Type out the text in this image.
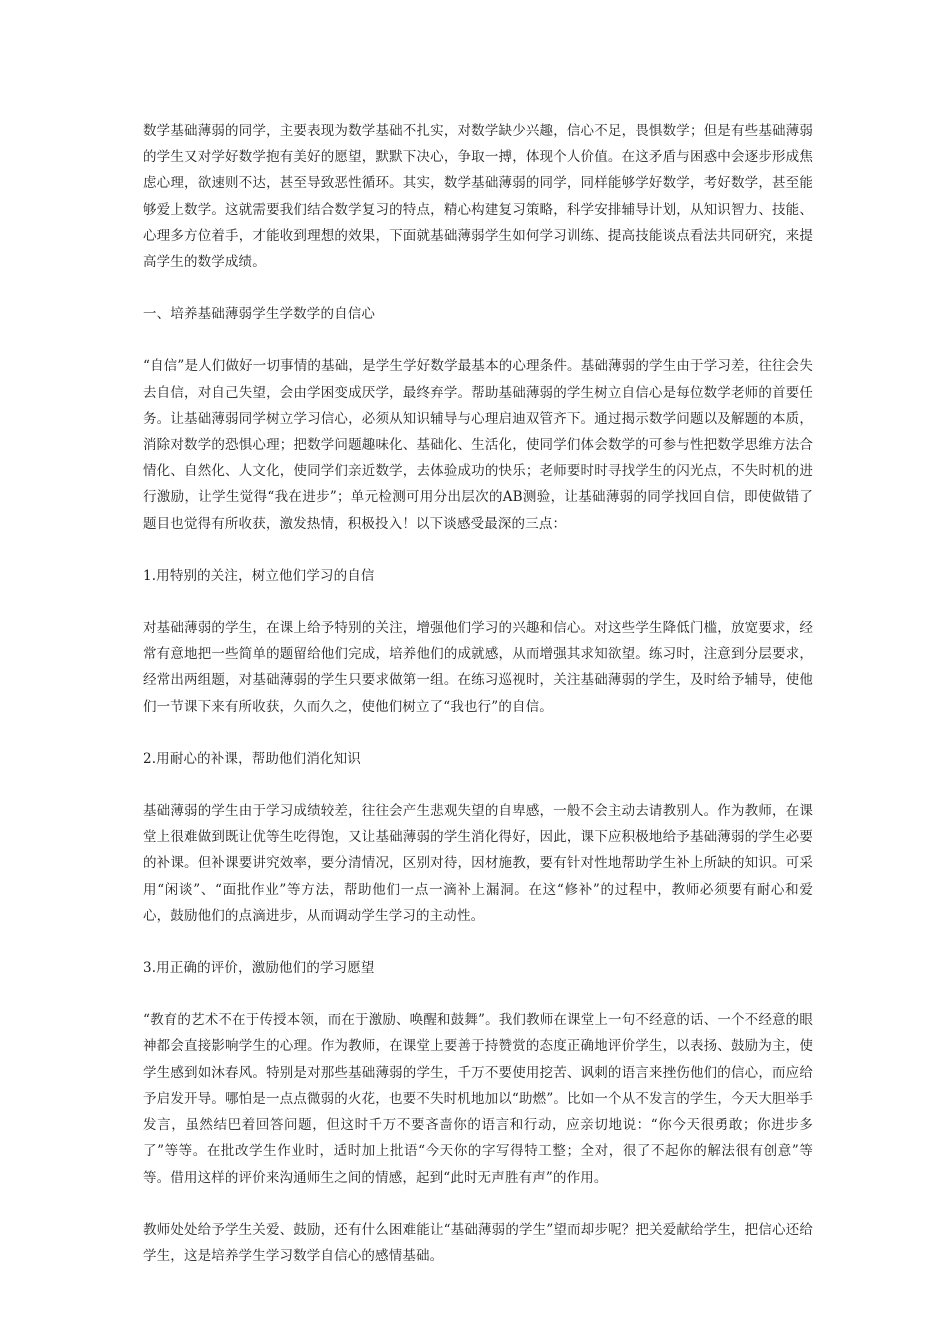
数学基础薄弱的同学，主要表现为数学基础不扎实，对数学缺少兴趣，信心不足，畏惧数学；但是有些基础薄弱的学生又对学好数学抱有美好的愿望，默默下决心，争取一搏，体现个人价值。在这矛盾与困惑中会逐步形成焦虑心理，欲速则不达，甚至导致恶性循环。其实，数学基础薄弱的同学，同样能够学好数学，考好数学，甚至能够爱上数学。这就需要我们结合数学复习的特点，精心构建复习策略，科学安排辅导计划，从知识智力、技能、心理多方位着手，才能收到理想的效果，下面就基础薄弱学生如何学习训练、提高技能谈点看法共同研究，来提高学生的数学成绩。

一、培养基础薄弱学生学数学的自信心

“自信”是人们做好一切事情的基础，是学生学好数学最基本的心理条件。基础薄弱的学生由于学习差，往往会失去自信，对自己失望，会由学困变成厌学，最终弃学。帮助基础薄弱的学生树立自信心是每位数学老师的首要任务。让基础薄弱同学树立学习信心，必须从知识辅导与心理启迪双管齐下。通过揭示数学问题以及解题的本质，消除对数学的恐惧心理；把数学问题趣味化、基础化、生活化，使同学们体会数学的可参与性把数学思维方法合情化、自然化、人文化，使同学们亲近数学，去体验成功的快乐；老师要时时寻找学生的闪光点，不失时机的进行激励，让学生觉得“我在进步”；单元检测可用分出层次的AB测验，让基础薄弱的同学找回自信，即使做错了题目也觉得有所收获，激发热情，积极投入！以下谈感受最深的三点：

1.用特别的关注，树立他们学习的自信

对基础薄弱的学生，在课上给予特别的关注，增强他们学习的兴趣和信心。对这些学生降低门槛，放宽要求，经常有意地把一些简单的题留给他们完成，培养他们的成就感，从而增强其求知欲望。练习时，注意到分层要求，经常出两组题，对基础薄弱的学生只要求做第一组。在练习巡视时，关注基础薄弱的学生，及时给予辅导，使他们一节课下来有所收获，久而久之，使他们树立了“我也行”的自信。

2.用耐心的补课，帮助他们消化知识

基础薄弱的学生由于学习成绩较差，往往会产生悲观失望的自卑感，一般不会主动去请教别人。作为教师，在课堂上很难做到既让优等生吃得饱，又让基础薄弱的学生消化得好，因此，课下应积极地给予基础薄弱的学生必要的补课。但补课要讲究效率，要分清情况，区别对待，因材施教，要有针对性地帮助学生补上所缺的知识。可采用“闲谈”、“面批作业”等方法，帮助他们一点一滴补上漏洞。在这“修补”的过程中，教师必须要有耐心和爱心，鼓励他们的点滴进步，从而调动学生学习的主动性。

3.用正确的评价，激励他们的学习愿望

“教育的艺术不在于传授本领，而在于激励、唤醒和鼓舞”。我们教师在课堂上一句不经意的话、一个不经意的眼神都会直接影响学生的心理。作为教师，在课堂上要善于持赞赏的态度正确地评价学生，以表扬、鼓励为主，使学生感到如沐春风。特别是对那些基础薄弱的学生，千万不要使用挖苦、讽刺的语言来挫伤他们的信心，而应给予启发开导。哪怕是一点点微弱的火花，也要不失时机地加以“助燃”。比如一个从不发言的学生，今天大胆举手发言，虽然结巴着回答问题，但这时千万不要吝啬你的语言和行动，应亲切地说：“你今天很勇敢；你进步多了”等等。在批改学生作业时，适时加上批语“今天你的字写得特工整；全对，很了不起你的解法很有创意”等等。借用这样的评价来沟通师生之间的情感，起到“此时无声胜有声”的作用。

教师处处给予学生关爱、鼓励，还有什么困难能让“基础薄弱的学生”望而却步呢？把关爱献给学生，把信心还给学生，这是培养学生学习数学自信心的感情基础。
